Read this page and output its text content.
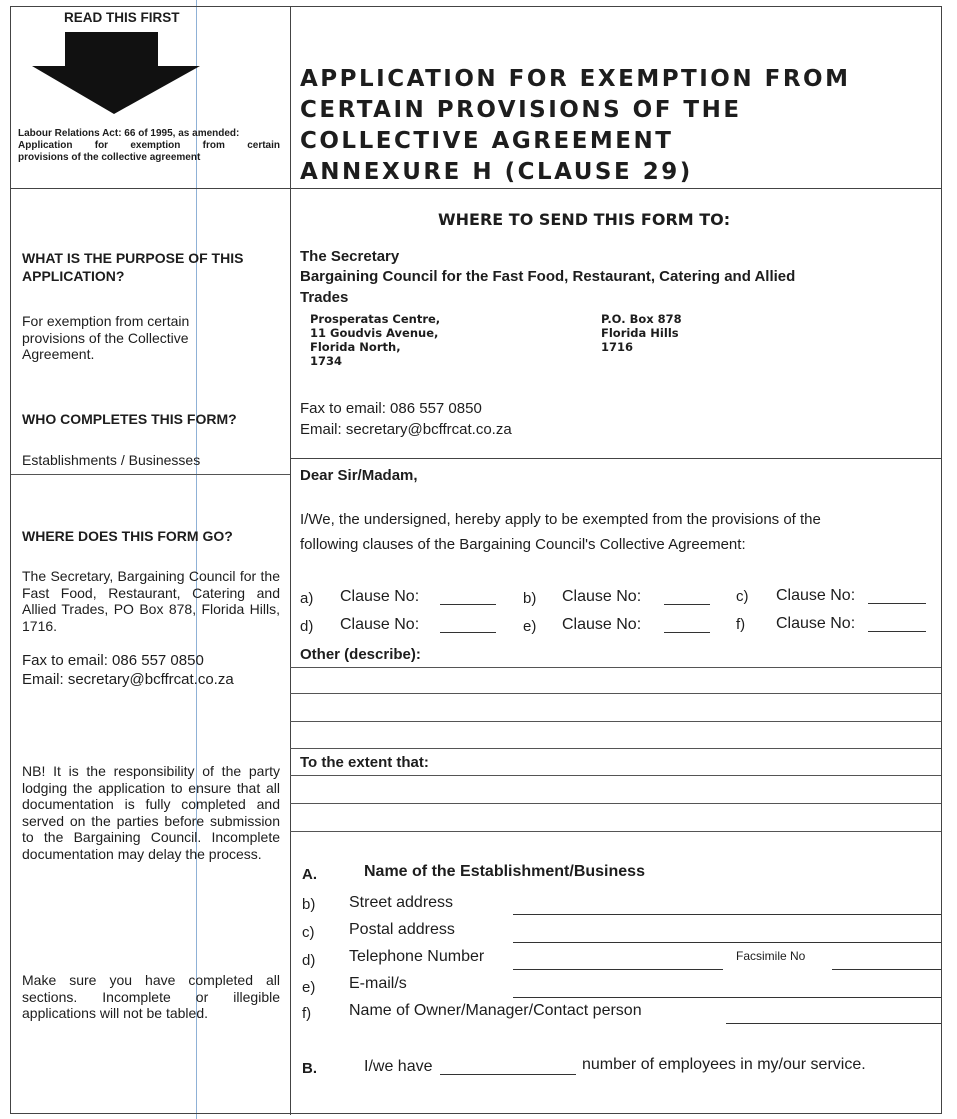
READ THIS FIRST
Labour Relations Act: 66 of 1995, as amended:
Application for exemption from certain
provisions of the collective agreement
APPLICATION FOR EXEMPTION FROM
CERTAIN PROVISIONS OF THE
COLLECTIVE AGREEMENT
ANNEXURE H (CLAUSE 29)
WHAT IS THE PURPOSE OF THIS
APPLICATION?
For exemption from certain provisions of the Collective Agreement.
WHO COMPLETES THIS FORM?
Establishments / Businesses
WHERE DOES THIS FORM GO?
The Secretary, Bargaining Council for the Fast Food, Restaurant, Catering and Allied Trades, PO Box 878, Florida Hills, 1716.
Fax to email: 086 557 0850
Email: secretary@bcffrcat.co.za
NB! It is the responsibility of the party lodging the application to ensure that all documentation is fully completed and served on the parties before submission to the Bargaining Council. Incomplete documentation may delay the process.
Make sure you have completed all sections. Incomplete or illegible applications will not be tabled.
WHERE TO SEND THIS FORM TO:
The Secretary
Bargaining Council for the Fast Food, Restaurant, Catering and Allied
Trades
Prosperatas Centre,
11 Goudvis Avenue,
Florida North,
1734
P.O. Box 878
Florida Hills
1716
Fax to email: 086 557 0850
Email: secretary@bcffrcat.co.za
Dear Sir/Madam,
I/We, the undersigned, hereby apply to be exempted from the provisions of the
following clauses of the Bargaining Council's Collective Agreement:
a) Clause No:	b) Clause No:	c) Clause No:
d) Clause No:	e) Clause No:	f) Clause No:
Other (describe):
To the extent that:
A.	Name of the Establishment/Business
b) Street address
c) Postal address
d) Telephone Number	Facsimile No
e) E-mail/s
f) Name of Owner/Manager/Contact person
B.	I/we have	number of employees in my/our service.
